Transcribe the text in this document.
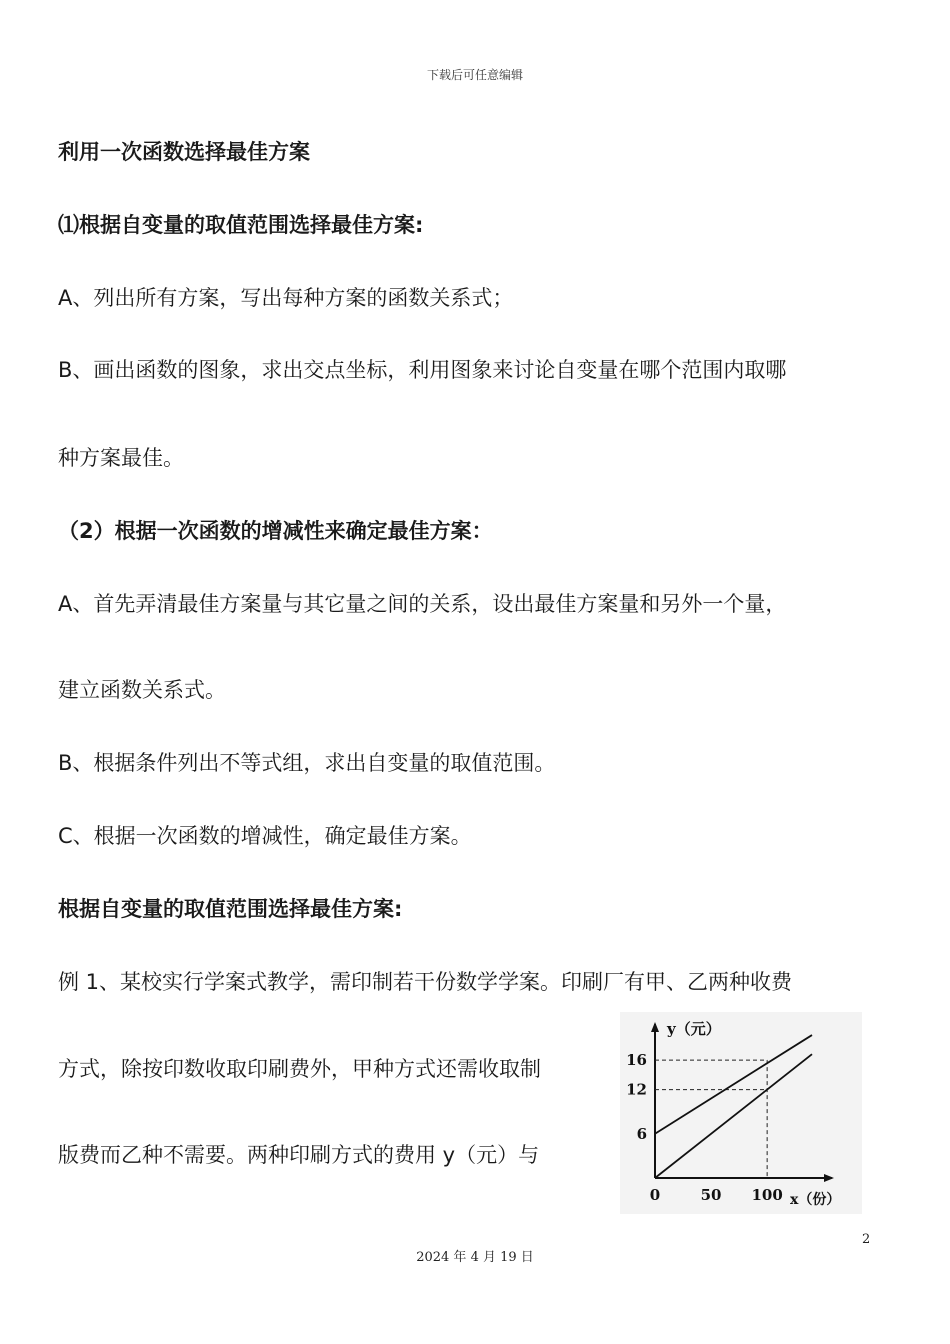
下载后可任意编辑
利用一次函数选择最佳方案
⑴根据自变量的取值范围选择最佳方案:
A、列出所有方案，写出每种方案的函数关系式；
B、画出函数的图象，求出交点坐标，利用图象来讨论自变量在哪个范围内取哪
种方案最佳。
（2）根据一次函数的增减性来确定最佳方案：
A、首先弄清最佳方案量与其它量之间的关系，设出最佳方案量和另外一个量，
建立函数关系式。
B、根据条件列出不等式组，求出自变量的取值范围。
C、根据一次函数的增减性，确定最佳方案。
根据自变量的取值范围选择最佳方案:
例 1、某校实行学案式教学，需印制若干份数学学案。印刷厂有甲、乙两种收费
方式，除按印数收取印刷费外，甲种方式还需收取制
版费而乙种不需要。两种印刷方式的费用 y（元）与
6
12
16
0	50 100
y（元）
x（份）
2
2024 年 4 月 19 日
